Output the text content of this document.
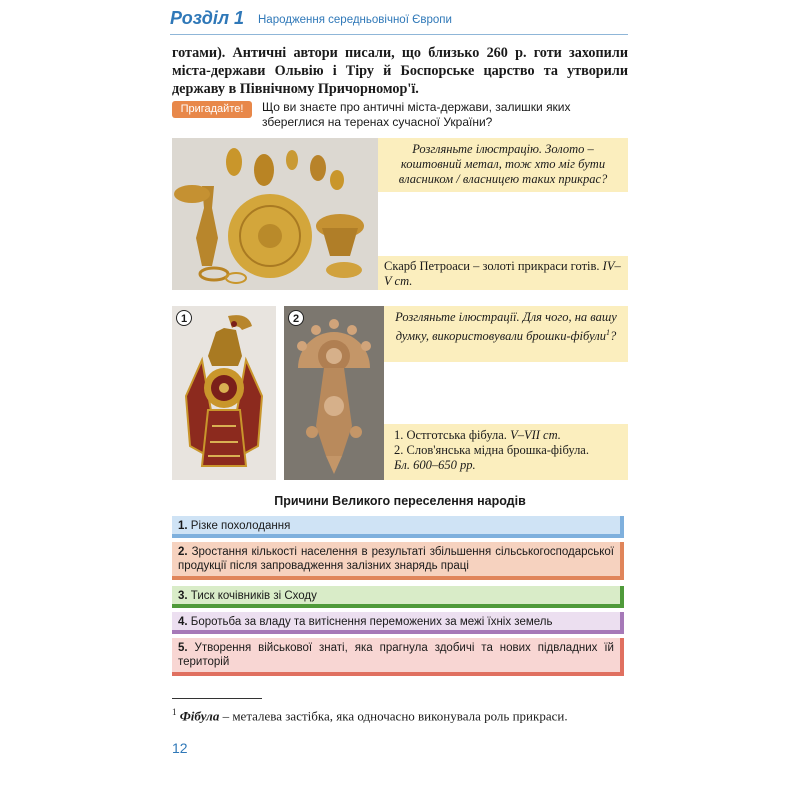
Розділ 1 Народження середньовічної Європи

готами). Античні автори писали, що близько 260 р. готи захопили міста-держави Ольвію і Тіру й Боспорське царство та утворили державу в Північному Причорномор'ї.

Пригадайте!	Що ви знаєте про античні міста-держави, залишки яких збереглися на теренах сучасної України?
Розгляньте ілюстрацію. Золото – коштовний метал, тож хто міг бути власником / власницею таких прикрас?
Скарб Петроаси – золоті прикраси готів. IV–V ст.
1	2	Розгляньте ілюстрації. Для чого, на вашу думку, використовували брошки-фібули$^1$?
1. Остготська фібула. V–VII ст.
2. Слов'янська мідна брошка-фібула.
Бл. 600–650 рр.
Причини Великого переселення народів
1. Різке похолодання
2. Зростання кількості населення в результаті збільшення сільськогосподарської продукції після запровадження залізних знарядь праці
3. Тиск кочівників зі Сходу
4. Боротьба за владу та витіснення переможених за межі їхніх земель
5. Утворення військової знаті, яка прагнула здобичі та нових підвладних їй територій
$^1$ Фібула – металева застібка, яка одночасно виконувала роль прикраси.
12
